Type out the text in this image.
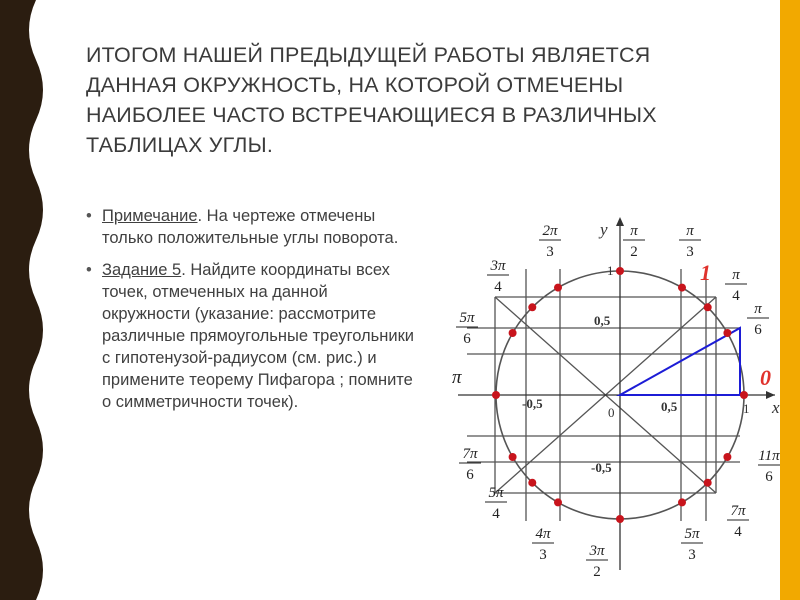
ИТОГОМ НАШЕЙ ПРЕДЫДУЩЕЙ РАБОТЫ ЯВЛЯЕТСЯ ДАННАЯ ОКРУЖНОСТЬ, НА КОТОРОЙ ОТМЕЧЕНЫ НАИБОЛЕЕ ЧАСТО ВСТРЕЧАЮЩИЕСЯ В РАЗЛИЧНЫХ ТАБЛИЦАХ УГЛЫ.
• Примечание. На чертеже отмечены только положительные углы поворота.
• Задание 5. Найдите координаты всех точек, отмеченных на данной окружности (указание: рассмотрите различные прямоугольные треугольники с гипотенузой-радиусом (см. рис.) и примените теорему Пифагора ; помните о симметричности точек).	x
y
0	1
1
0,5
0,5
-0,5
-0,5
0
1
π
π
6
π
4
π
3
π
2
2π
3
3π
4
5π
6
7π
6
5π
4
4π
3	3π
2
5π
3
7π
4
11π
6
